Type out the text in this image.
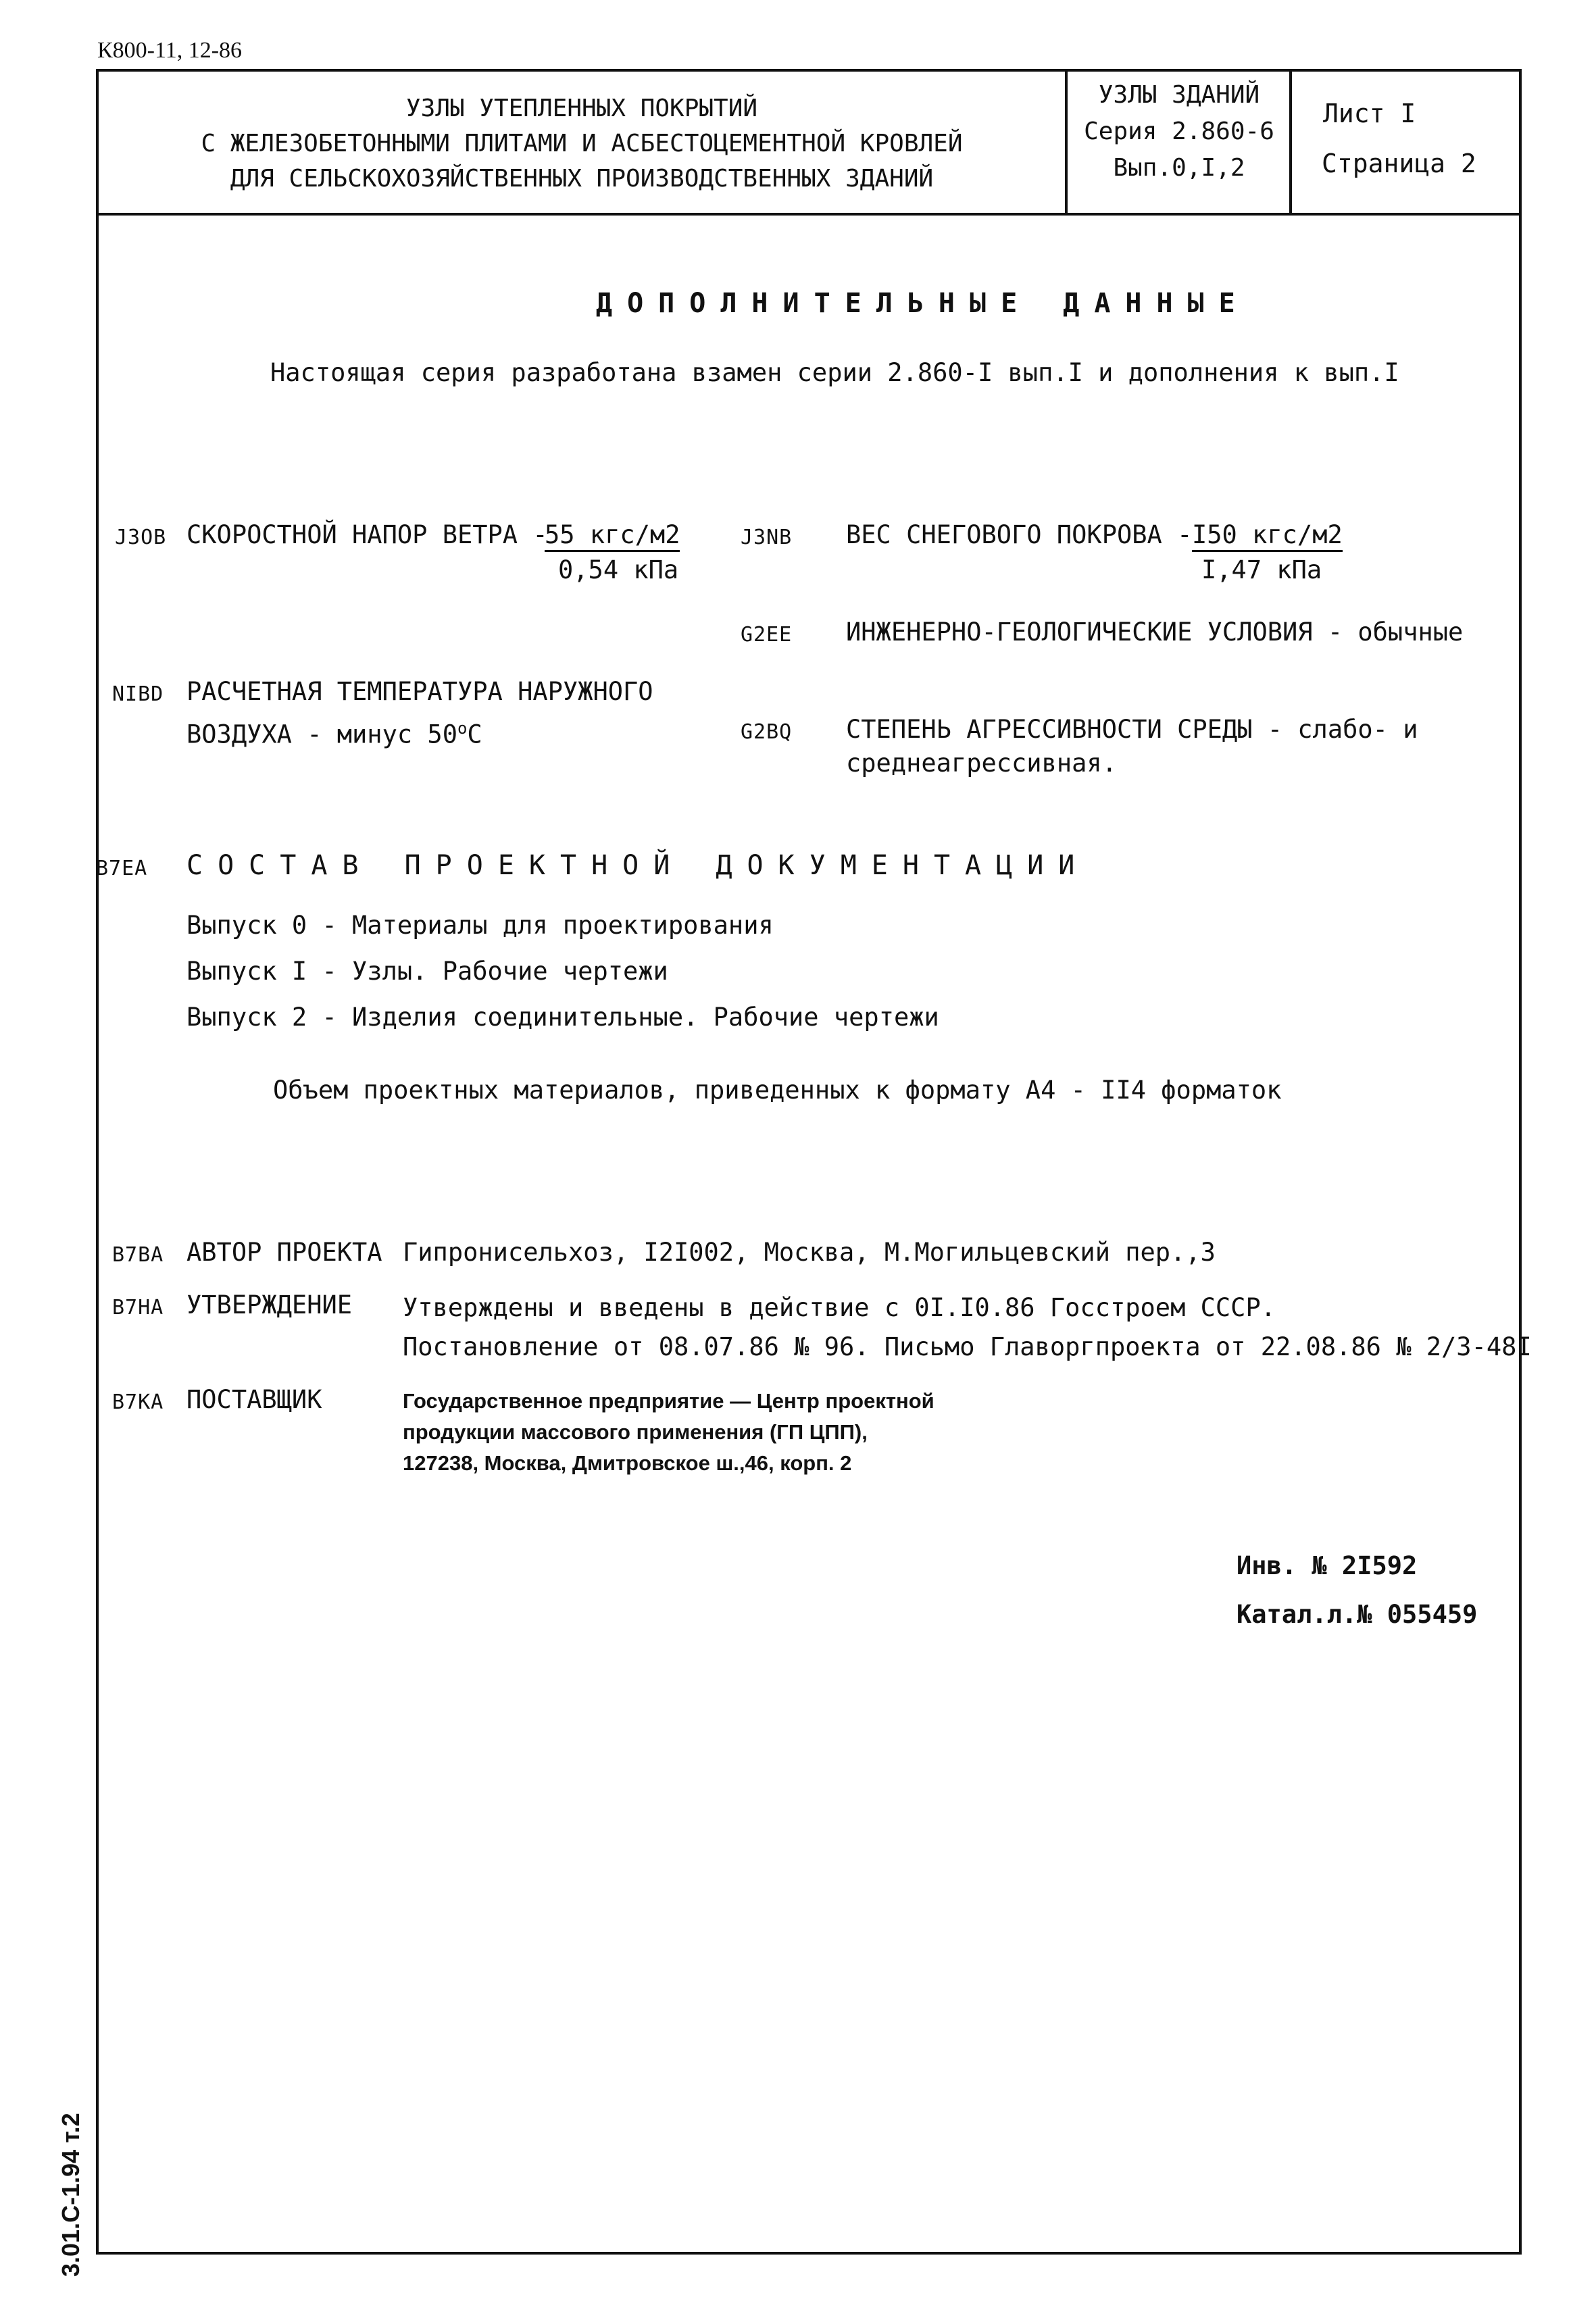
К800-11, 12-86
УЗЛЫ УТЕПЛЕННЫХ ПОКРЫТИЙ
С ЖЕЛЕЗОБЕТОННЫМИ ПЛИТАМИ И АСБЕСТОЦЕМЕНТНОЙ КРОВЛЕЙ
ДЛЯ СЕЛЬСКОХОЗЯЙСТВЕННЫХ ПРОИЗВОДСТВЕННЫХ ЗДАНИЙ
УЗЛЫ ЗДАНИЙ
Серия 2.860-6
Вып.0,I,2
Лист I
Страница 2
ДОПОЛНИТЕЛЬНЫЕ ДАННЫЕ
Настоящая серия разработана взамен серии 2.860-I вып.I и дополнения к вып.I
J3OB СКОРОСТНОЙ НАПОР ВЕТРА -
55 кгс/м2
0,54 кПа
J3NB ВЕС СНЕГОВОГО ПОКРОВА - I50 кгс/м2
I,47 кПа
G2EE ИНЖЕНЕРНО-ГЕОЛОГИЧЕСКИЕ УСЛОВИЯ - обычные
NIBD РАСЧЕТНАЯ ТЕМПЕРАТУРА НАРУЖНОГО
ВОЗДУХА - минус $50^оС$	G2BQ СТЕПЕНЬ АГРЕССИВНОСТИ СРЕДЫ - слабо- и
среднеагрессивная.
B7EA СОСТАВ ПРОЕКТНОЙ ДОКУМЕНТАЦИИ
Выпуск 0 - Материалы для проектирования
Выпуск I - Узлы. Рабочие чертежи
Выпуск 2 - Изделия соединительные. Рабочие чертежи
Объем проектных материалов, приведенных к формату А4 - II4 форматок
B7BA АВТОР ПРОЕКТА Гипронисельхоз, I2I002, Москва, М.Могильцевский пер.,3
B7HA УТВЕРЖДЕНИЕ Утверждены и введены в действие с 0I.I0.86 Госстроем СССР.
Постановление от 08.07.86 № 96. Письмо Главоргпроекта от 22.08.86 № 2/3-48I
B7KA ПОСТАВЩИК	Государственное предприятие — Центр проектной
продукции массового применения (ГП ЦПП),
127238, Москва, Дмитровское ш.,46, корп. 2
Инв. № 2I592
Катал.л.№ 055459
3.01.С-1.94 т.2
